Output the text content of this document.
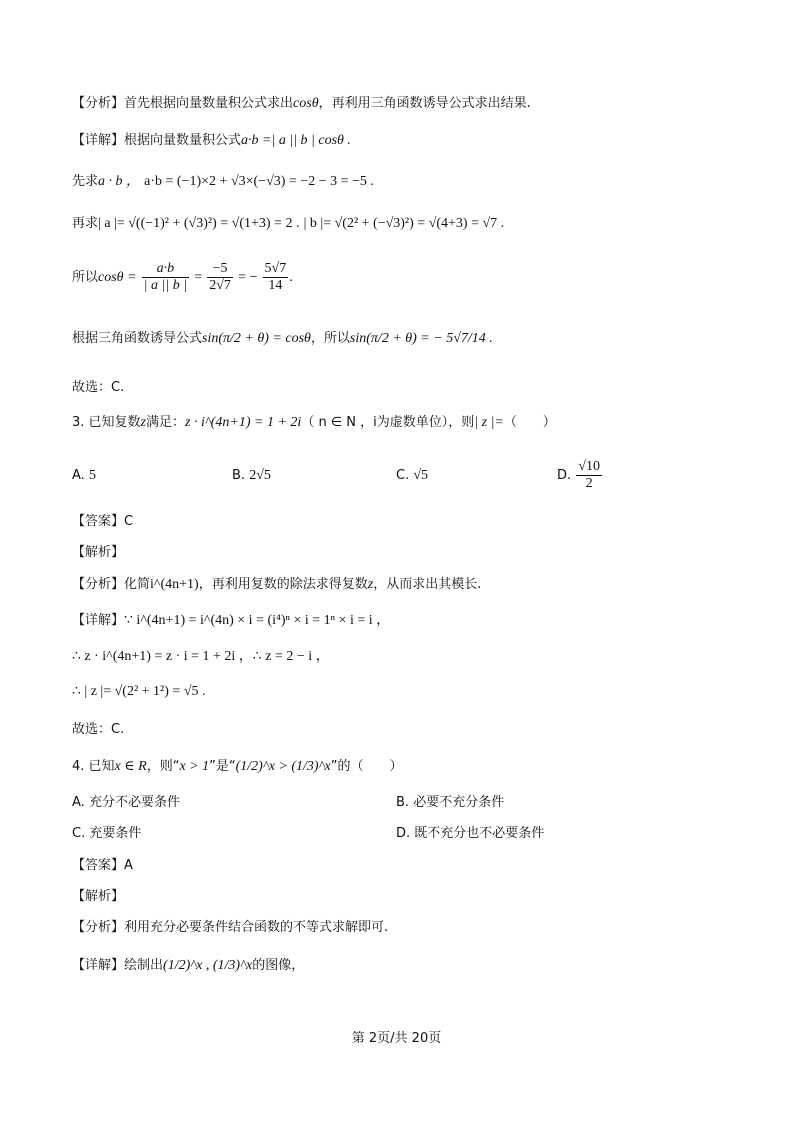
【分析】首先根据向量数量积公式求出cosθ，再利用三角函数诱导公式求出结果.
【详解】根据向量数量积公式a·b =| a || b | cosθ .
先求a · b ， a·b = (−1)×2 + √3×(−√3) = −2 − 3 = −5 .
再求| a |= √((−1)² + (√3)²) = √(1+3) = 2 . | b |= √(2² + (−√3)²) = √(4+3) = √7 .
所以$\cos\theta = \frac{a\cdot b}{| a || b |} = \frac{-5}{2√7}$ = − $\frac{5√7}{14}$ .
根据三角函数诱导公式sin(π/2 + θ) = cosθ，所以sin(π/2 + θ) = − 5√7/14 .
故选：C.
3. 已知复数z满足：z · i^(4n+1) = 1 + 2i（ n ∈ N ，i为虚数单位），则| z |=（　　）
A. 5	B. 2√5	C. √5	D. $\frac{√10}{2}$
【答案】C
【解析】
【分析】化简i^(4n+1)，再利用复数的除法求得复数z，从而求出其模长.
【详解】∵ i^(4n+1) = i^(4n) × i = (i⁴)ⁿ × i = 1ⁿ × i = i ，
∴ z · i^(4n+1) = z · i = 1 + 2i ，∴ z = 2 − i ，
∴ | z |= √(2² + 1²) = √5 .
故选：C.
4. 已知x ∈ R，则“x > 1”是“(1/2)^x > (1/3)^x”的（　　）
A. 充分不必要条件	B. 必要不充分条件
C. 充要条件	D. 既不充分也不必要条件
【答案】A
【解析】
【分析】利用充分必要条件结合函数的不等式求解即可.
【详解】绘制出(1/2)^x , (1/3)^x的图像，
第 2页/共 20页
